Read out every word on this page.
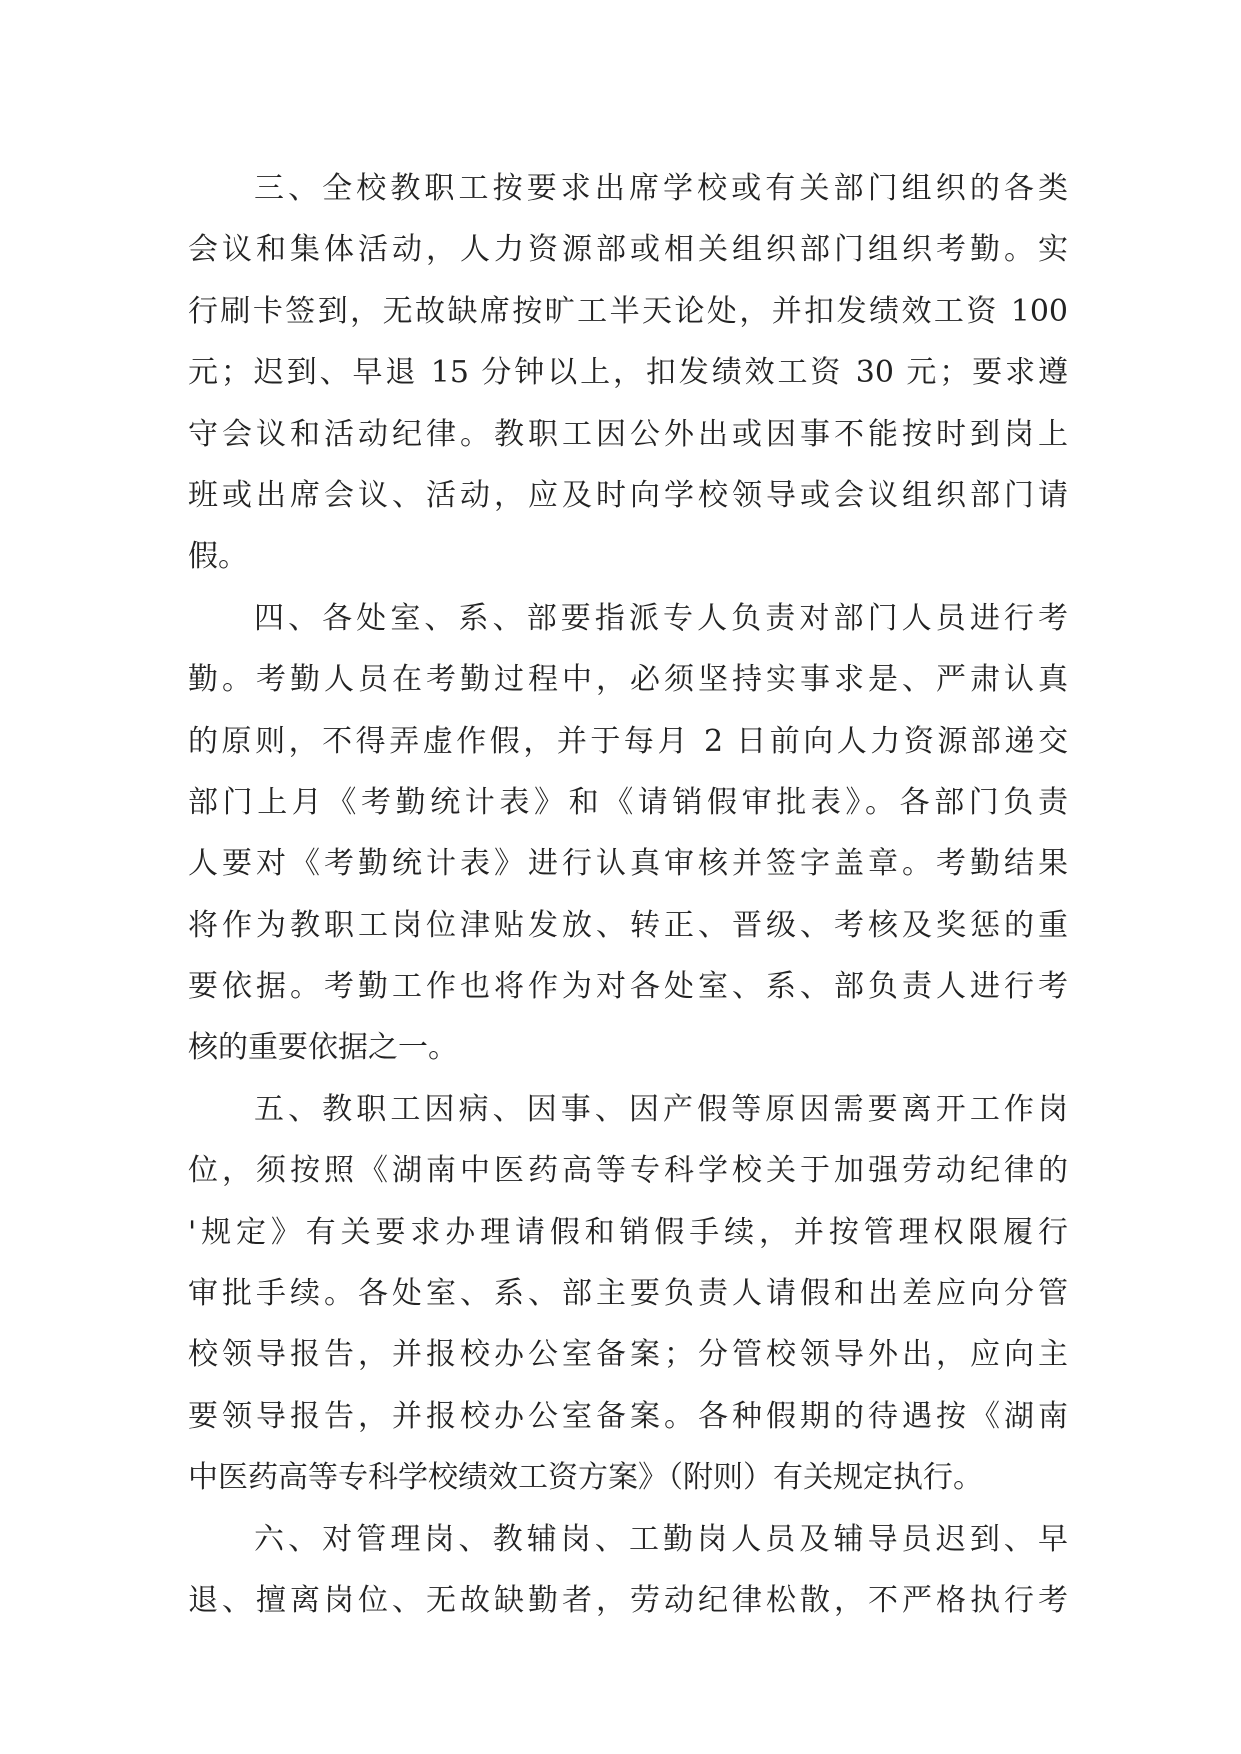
三、全校教职工按要求出席学校或有关部门组织的各类
会议和集体活动，人力资源部或相关组织部门组织考勤。实
行刷卡签到，无故缺席按旷工半天论处，并扣发绩效工资 100
元；迟到、早退 15 分钟以上，扣发绩效工资 30 元；要求遵
守会议和活动纪律。教职工因公外出或因事不能按时到岗上
班或出席会议、活动，应及时向学校领导或会议组织部门请
假。
四、各处室、系、部要指派专人负责对部门人员进行考
勤。考勤人员在考勤过程中，必须坚持实事求是、严肃认真
的原则，不得弄虚作假，并于每月 2 日前向人力资源部递交
部门上月《考勤统计表》和《请销假审批表》。各部门负责
人要对《考勤统计表》进行认真审核并签字盖章。考勤结果
将作为教职工岗位津贴发放、转正、晋级、考核及奖惩的重
要依据。考勤工作也将作为对各处室、系、部负责人进行考
核的重要依据之一。
五、教职工因病、因事、因产假等原因需要离开工作岗
位，须按照《湖南中医药高等专科学校关于加强劳动纪律的
'规定》有关要求办理请假和销假手续，并按管理权限履行
审批手续。各处室、系、部主要负责人请假和出差应向分管
校领导报告，并报校办公室备案；分管校领导外出，应向主
要领导报告，并报校办公室备案。各种假期的待遇按《湖南
中医药高等专科学校绩效工资方案》（附则）有关规定执行。
六、对管理岗、教辅岗、工勤岗人员及辅导员迟到、早
退、擅离岗位、无故缺勤者，劳动纪律松散，不严格执行考
